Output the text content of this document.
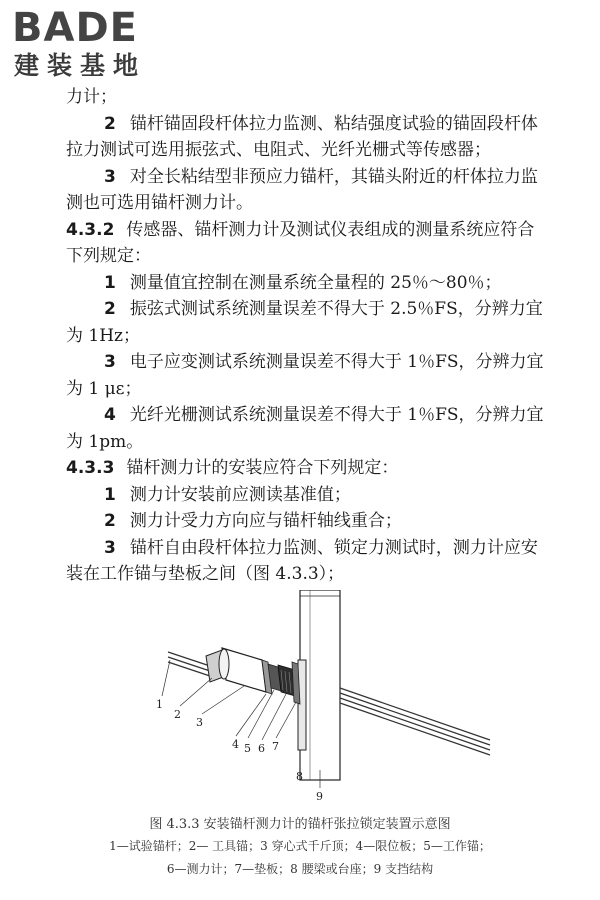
BADE
建装基地

力计；

2 锚杆锚固段杆体拉力监测、粘结强度试验的锚固段杆体

拉力测试可选用振弦式、电阻式、光纤光栅式等传感器；

3 对全长粘结型非预应力锚杆，其锚头附近的杆体拉力监

测也可选用锚杆测力计。

4.3.2 传感器、锚杆测力计及测试仪表组成的测量系统应符合

下列规定：

1 测量值宜控制在测量系统全量程的 25％～80％；

2 振弦式测试系统测量误差不得大于 2.5％FS，分辨力宜

为 1Hz；

3 电子应变测试系统测量误差不得大于 1％FS，分辨力宜

为 1 με；

4 光纤光栅测试系统测量误差不得大于 1％FS，分辨力宜

为 1pm。

4.3.3 锚杆测力计的安装应符合下列规定：

1 测力计安装前应测读基准值；

2 测力计受力方向应与锚杆轴线重合；

3 锚杆自由段杆体拉力监测、锁定力测试时，测力计应安

装在工作锚与垫板之间（图 4.3.3）；

1
2
3
4 5 6 7
8
9
图 4.3.3 安装锚杆测力计的锚杆张拉锁定装置示意图
1—试验锚杆；2— 工具锚；3 穿心式千斤顶；4—限位板；5—工作锚；
6—测力计；7—垫板；8 腰梁或台座；9 支挡结构
